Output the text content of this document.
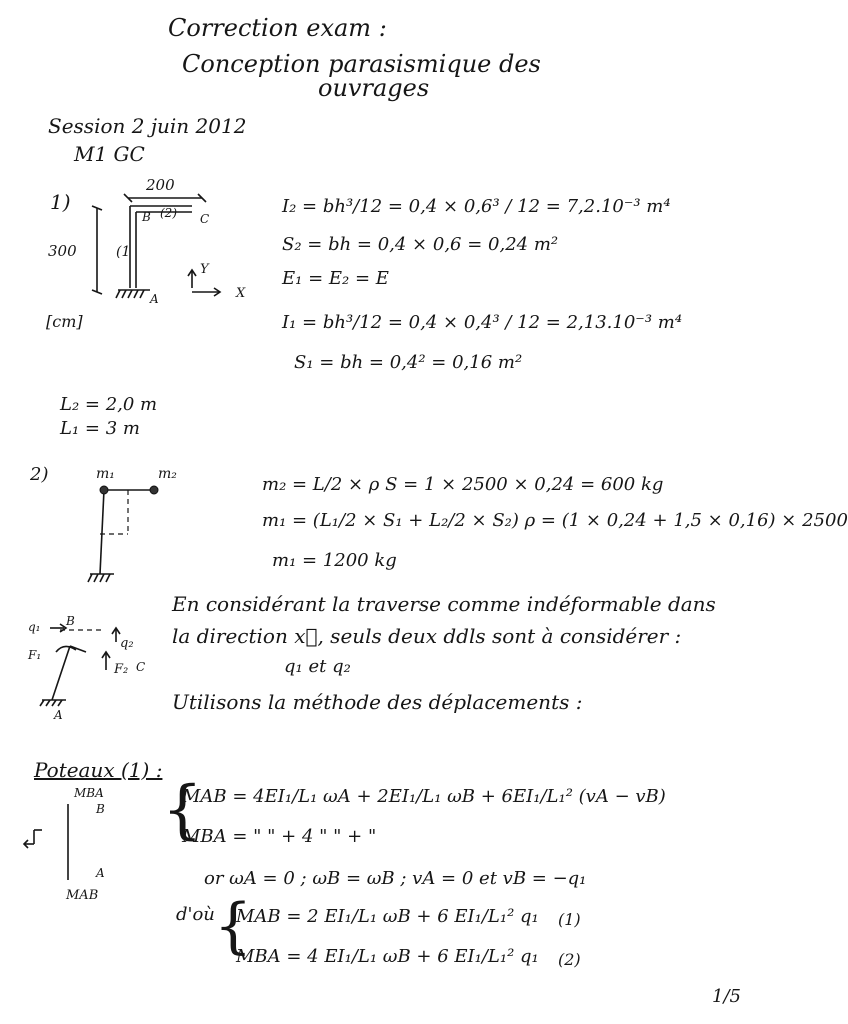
Correction exam :
Conception parasismique des
ouvrages
Session 2 juin 2012
M1 GC
1)
200
300
B (2) C
(1
A
Y
X
[cm]
I₂ = bh³/12 = 0,4 × 0,6³ / 12 = 7,2.10⁻³ m⁴
S₂ = bh = 0,4 × 0,6 = 0,24 m²
E₁ = E₂ = E
I₁ = bh³/12 = 0,4 × 0,4³ / 12 = 2,13.10⁻³ m⁴
S₁ = bh = 0,4² = 0,16 m²
L₂ = 2,0 m
L₁ = 3 m
2)	m₁	m₂	m₂ = L/2 × ρ S = 1 × 2500 × 0,24 = 600 kg
m₁ = (L₁/2 × S₁ + L₂/2 × S₂) ρ = (1 × 0,24 + 1,5 × 0,16) × 2500
m₁ = 1200 kg
q₁ B
q₂
F₁
F₂ C
A
En considérant la traverse comme indéformable dans
la direction x⃗, seuls deux ddls sont à considérer :
q₁ et q₂
Utilisons la méthode des déplacements :
Poteaux (1) :
MBA
B
A
MAB
{
MAB = 4EI₁/L₁ ωA + 2EI₁/L₁ ωB + 6EI₁/L₁² (vA − vB)
MBA = " " + 4 " " + "
or ωA = 0 ; ωB = ωB ; vA = 0 et vB = −q₁
d'où {
MAB = 2 EI₁/L₁ ωB + 6 EI₁/L₁² q₁ (1)
MBA = 4 EI₁/L₁ ωB + 6 EI₁/L₁² q₁ (2)
1/5
